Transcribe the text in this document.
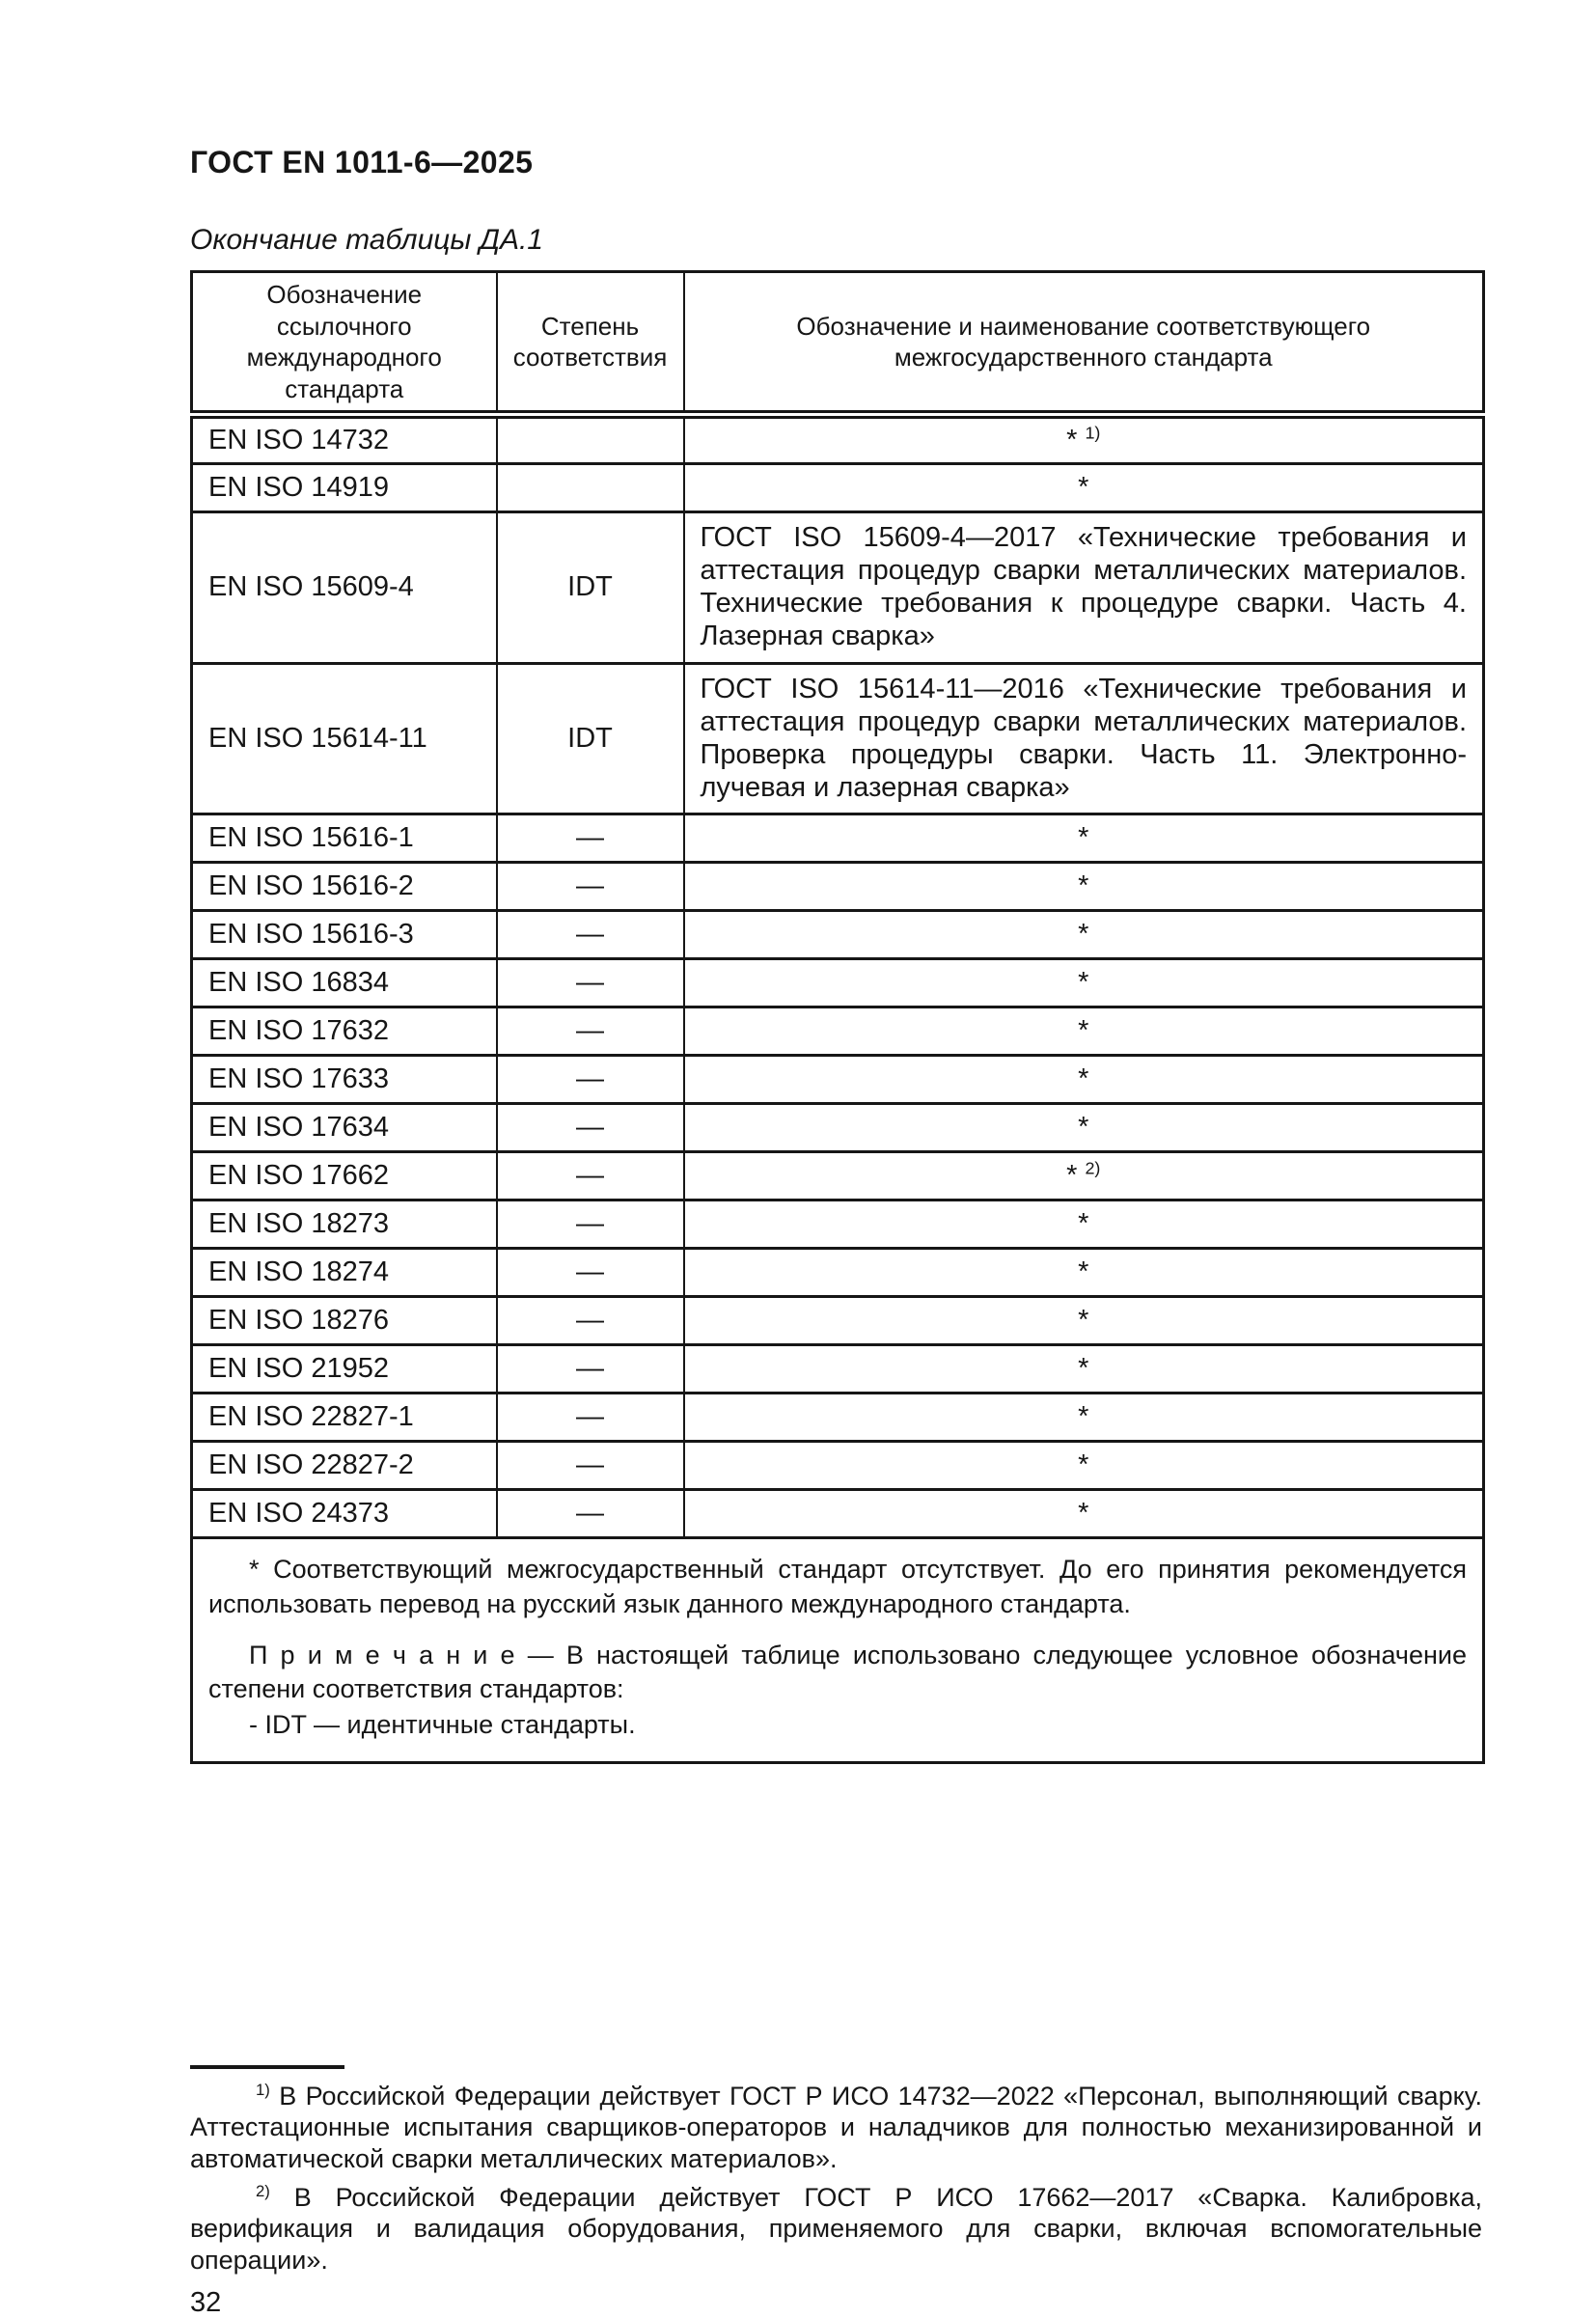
ГОСТ EN 1011-6—2025
Окончание таблицы ДА.1
Обозначение ссылочного международного стандарта	Степень соответствия	Обозначение и наименование соответствующего межгосударственного стандарта
EN ISO 14732		* $^{1)}$
EN ISO 14919		*
EN ISO 15609-4	IDT	ГОСТ ISO 15609-4—2017 «Технические требования и аттестация процедур сварки металлических материалов. Технические требования к процедуре сварки. Часть 4. Лазерная сварка»
EN ISO 15614-11	IDT	ГОСТ ISO 15614-11—2016 «Технические требования и аттестация процедур сварки металлических материалов. Проверка процедуры сварки. Часть 11. Электронно-лучевая и лазерная сварка»
EN ISO 15616-1	—	*
EN ISO 15616-2	—	*
EN ISO 15616-3	—	*
EN ISO 16834	—	*
EN ISO 17632	—	*
EN ISO 17633	—	*
EN ISO 17634	—	*
EN ISO 17662	—	* $^{2)}$
EN ISO 18273	—	*
EN ISO 18274	—	*
EN ISO 18276	—	*
EN ISO 21952	—	*
EN ISO 22827-1	—	*
EN ISO 22827-2	—	*
EN ISO 24373	—	*

* Соответствующий межгосударственный стандарт отсутствует. До его принятия рекомендуется использовать перевод на русский язык данного международного стандарта.

П р и м е ч а н и е — В настоящей таблице использовано следующее условное обозначение степени соответствия стандартов:

- IDT — идентичные стандарты.		

$^{1)}$ В Российской Федерации действует ГОСТ Р ИСО 14732—2022 «Персонал, выполняющий сварку. Аттестационные испытания сварщиков-операторов и наладчиков для полностью механизированной и автоматической сварки металлических материалов».

$^{2)}$ В Российской Федерации действует ГОСТ Р ИСО 17662—2017 «Сварка. Калибровка, верификация и валидация оборудования, применяемого для сварки, включая вспомогательные операции».

32
